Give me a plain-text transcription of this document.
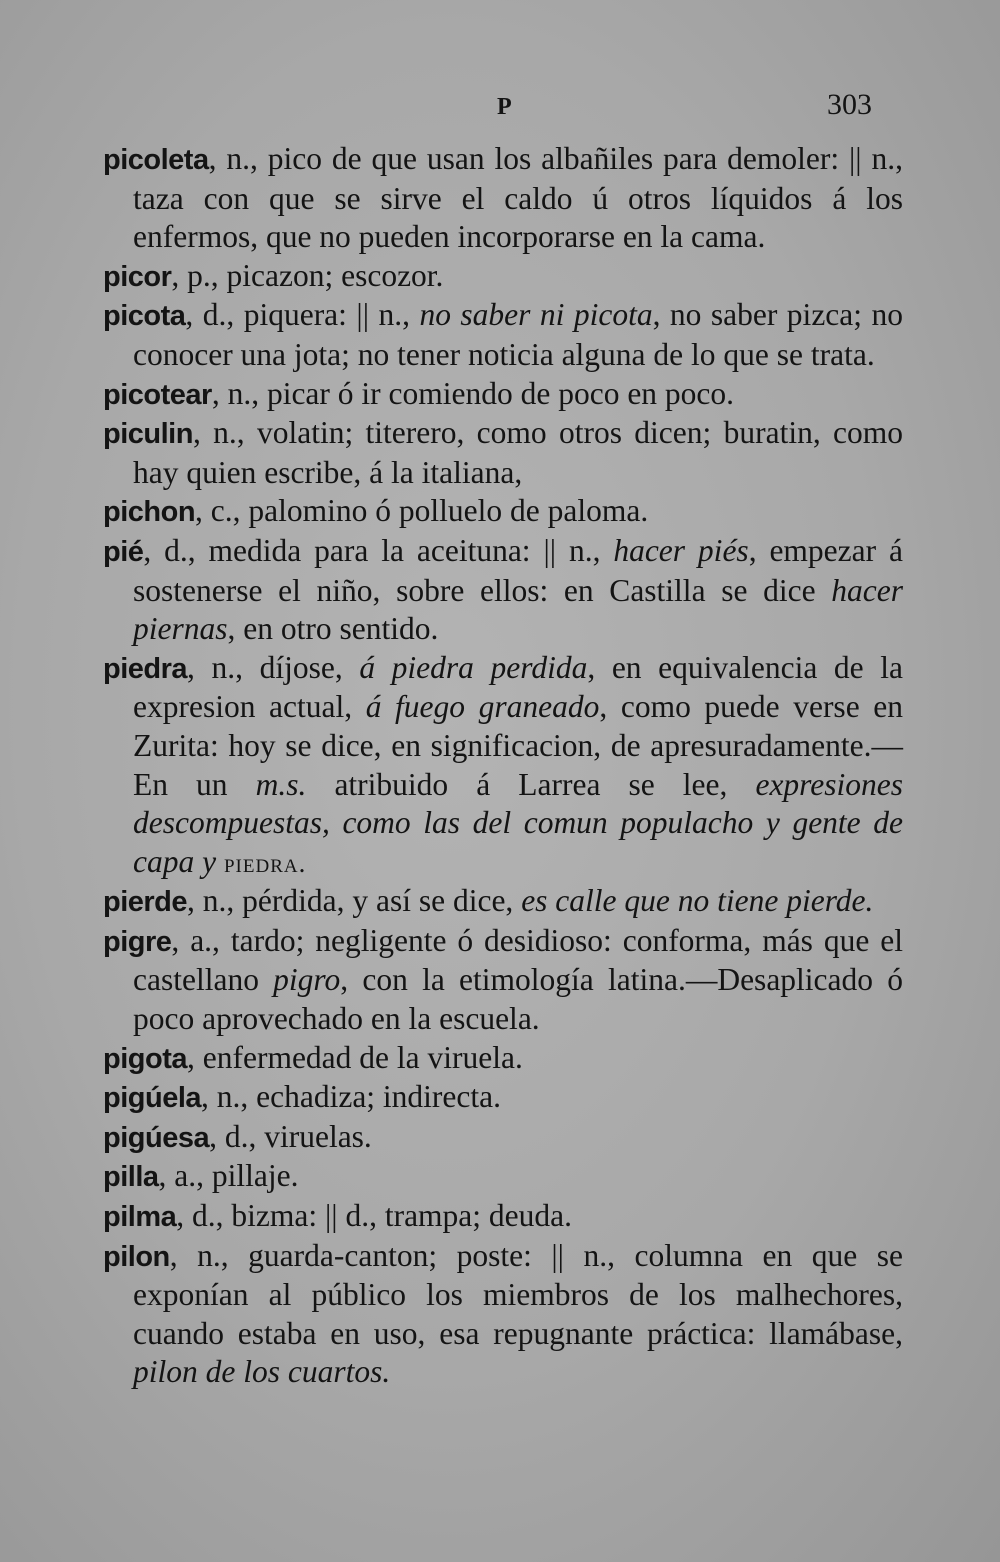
P	303

picoleta, n., pico de que usan los albañiles para demoler: || n., taza con que se sirve el caldo ú otros líquidos á los enfermos, que no pueden incorporarse en la cama.

picor, p., picazon; escozor.

picota, d., piquera: || n., no saber ni picota, no saber pizca; no conocer una jota; no tener noticia alguna de lo que se trata.

picotear, n., picar ó ir comiendo de poco en poco.

piculin, n., volatin; titerero, como otros dicen; buratin, como hay quien escribe, á la italiana,

pichon, c., palomino ó polluelo de paloma.

pié, d., medida para la aceituna: || n., hacer piés, empezar á sostenerse el niño, sobre ellos: en Castilla se dice hacer piernas, en otro sentido.

piedra, n., díjose, á piedra perdida, en equivalencia de la expresion actual, á fuego graneado, como puede verse en Zurita: hoy se dice, en significacion, de apresuradamente.—En un m.s. atribuido á Larrea se lee, expresiones descompuestas, como las del comun populacho y gente de capa y piedra.

pierde, n., pérdida, y así se dice, es calle que no tiene pierde.

pigre, a., tardo; negligente ó desidioso: conforma, más que el castellano pigro, con la etimología latina.—Desaplicado ó poco aprovechado en la escuela.

pigota, enfermedad de la viruela.

pigúela, n., echadiza; indirecta.

pigúesa, d., viruelas.

pilla, a., pillaje.

pilma, d., bizma: || d., trampa; deuda.

pilon, n., guarda-canton; poste: || n., columna en que se exponían al público los miembros de los malhechores, cuando estaba en uso, esa repugnante práctica: llamábase, pilon de los cuartos.
